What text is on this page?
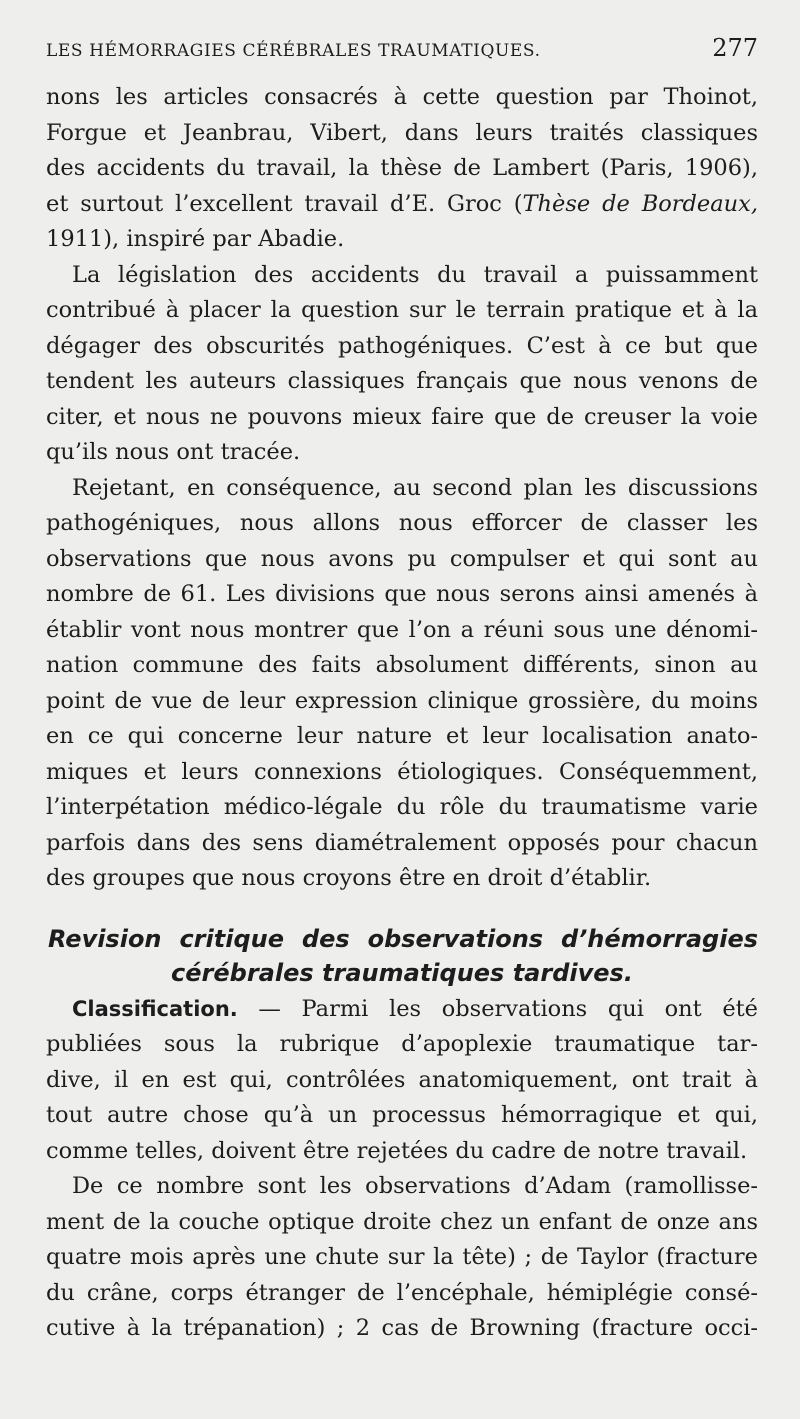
LES HÉMORRAGIES CÉRÉBRALES TRAUMATIQUES.	277
nons les articles consacrés à cette question par Thoinot,
Forgue et Jeanbrau, Vibert, dans leurs traités classiques
des accidents du travail, la thèse de Lambert (Paris, 1906),
et surtout l’excellent travail d’E. Groc (Thèse de Bordeaux,
1911), inspiré par Abadie.
La législation des accidents du travail a puissamment
contribué à placer la question sur le terrain pratique et à la
dégager des obscurités pathogéniques. C’est à ce but que
tendent les auteurs classiques français que nous venons de
citer, et nous ne pouvons mieux faire que de creuser la voie
qu’ils nous ont tracée.
Rejetant, en conséquence, au second plan les discussions
pathogéniques, nous allons nous efforcer de classer les
observations que nous avons pu compulser et qui sont au
nombre de 61. Les divisions que nous serons ainsi amenés à
établir vont nous montrer que l’on a réuni sous une dénomi-
nation commune des faits absolument différents, sinon au
point de vue de leur expression clinique grossière, du moins
en ce qui concerne leur nature et leur localisation anato-
miques et leurs connexions étiologiques. Conséquemment,
l’interpétation médico-légale du rôle du traumatisme varie
parfois dans des sens diamétralement opposés pour chacun
des groupes que nous croyons être en droit d’établir.
Revision critique des observations d’hémorragies
cérébrales traumatiques tardives.
Classification. — Parmi les observations qui ont été
publiées sous la rubrique d’apoplexie traumatique tar-
dive, il en est qui, contrôlées anatomiquement, ont trait à
tout autre chose qu’à un processus hémorragique et qui,
comme telles, doivent être rejetées du cadre de notre travail.
De ce nombre sont les observations d’Adam (ramollisse-
ment de la couche optique droite chez un enfant de onze ans
quatre mois après une chute sur la tête) ; de Taylor (fracture
du crâne, corps étranger de l’encéphale, hémiplégie consé-
cutive à la trépanation) ; 2 cas de Browning (fracture occi-
